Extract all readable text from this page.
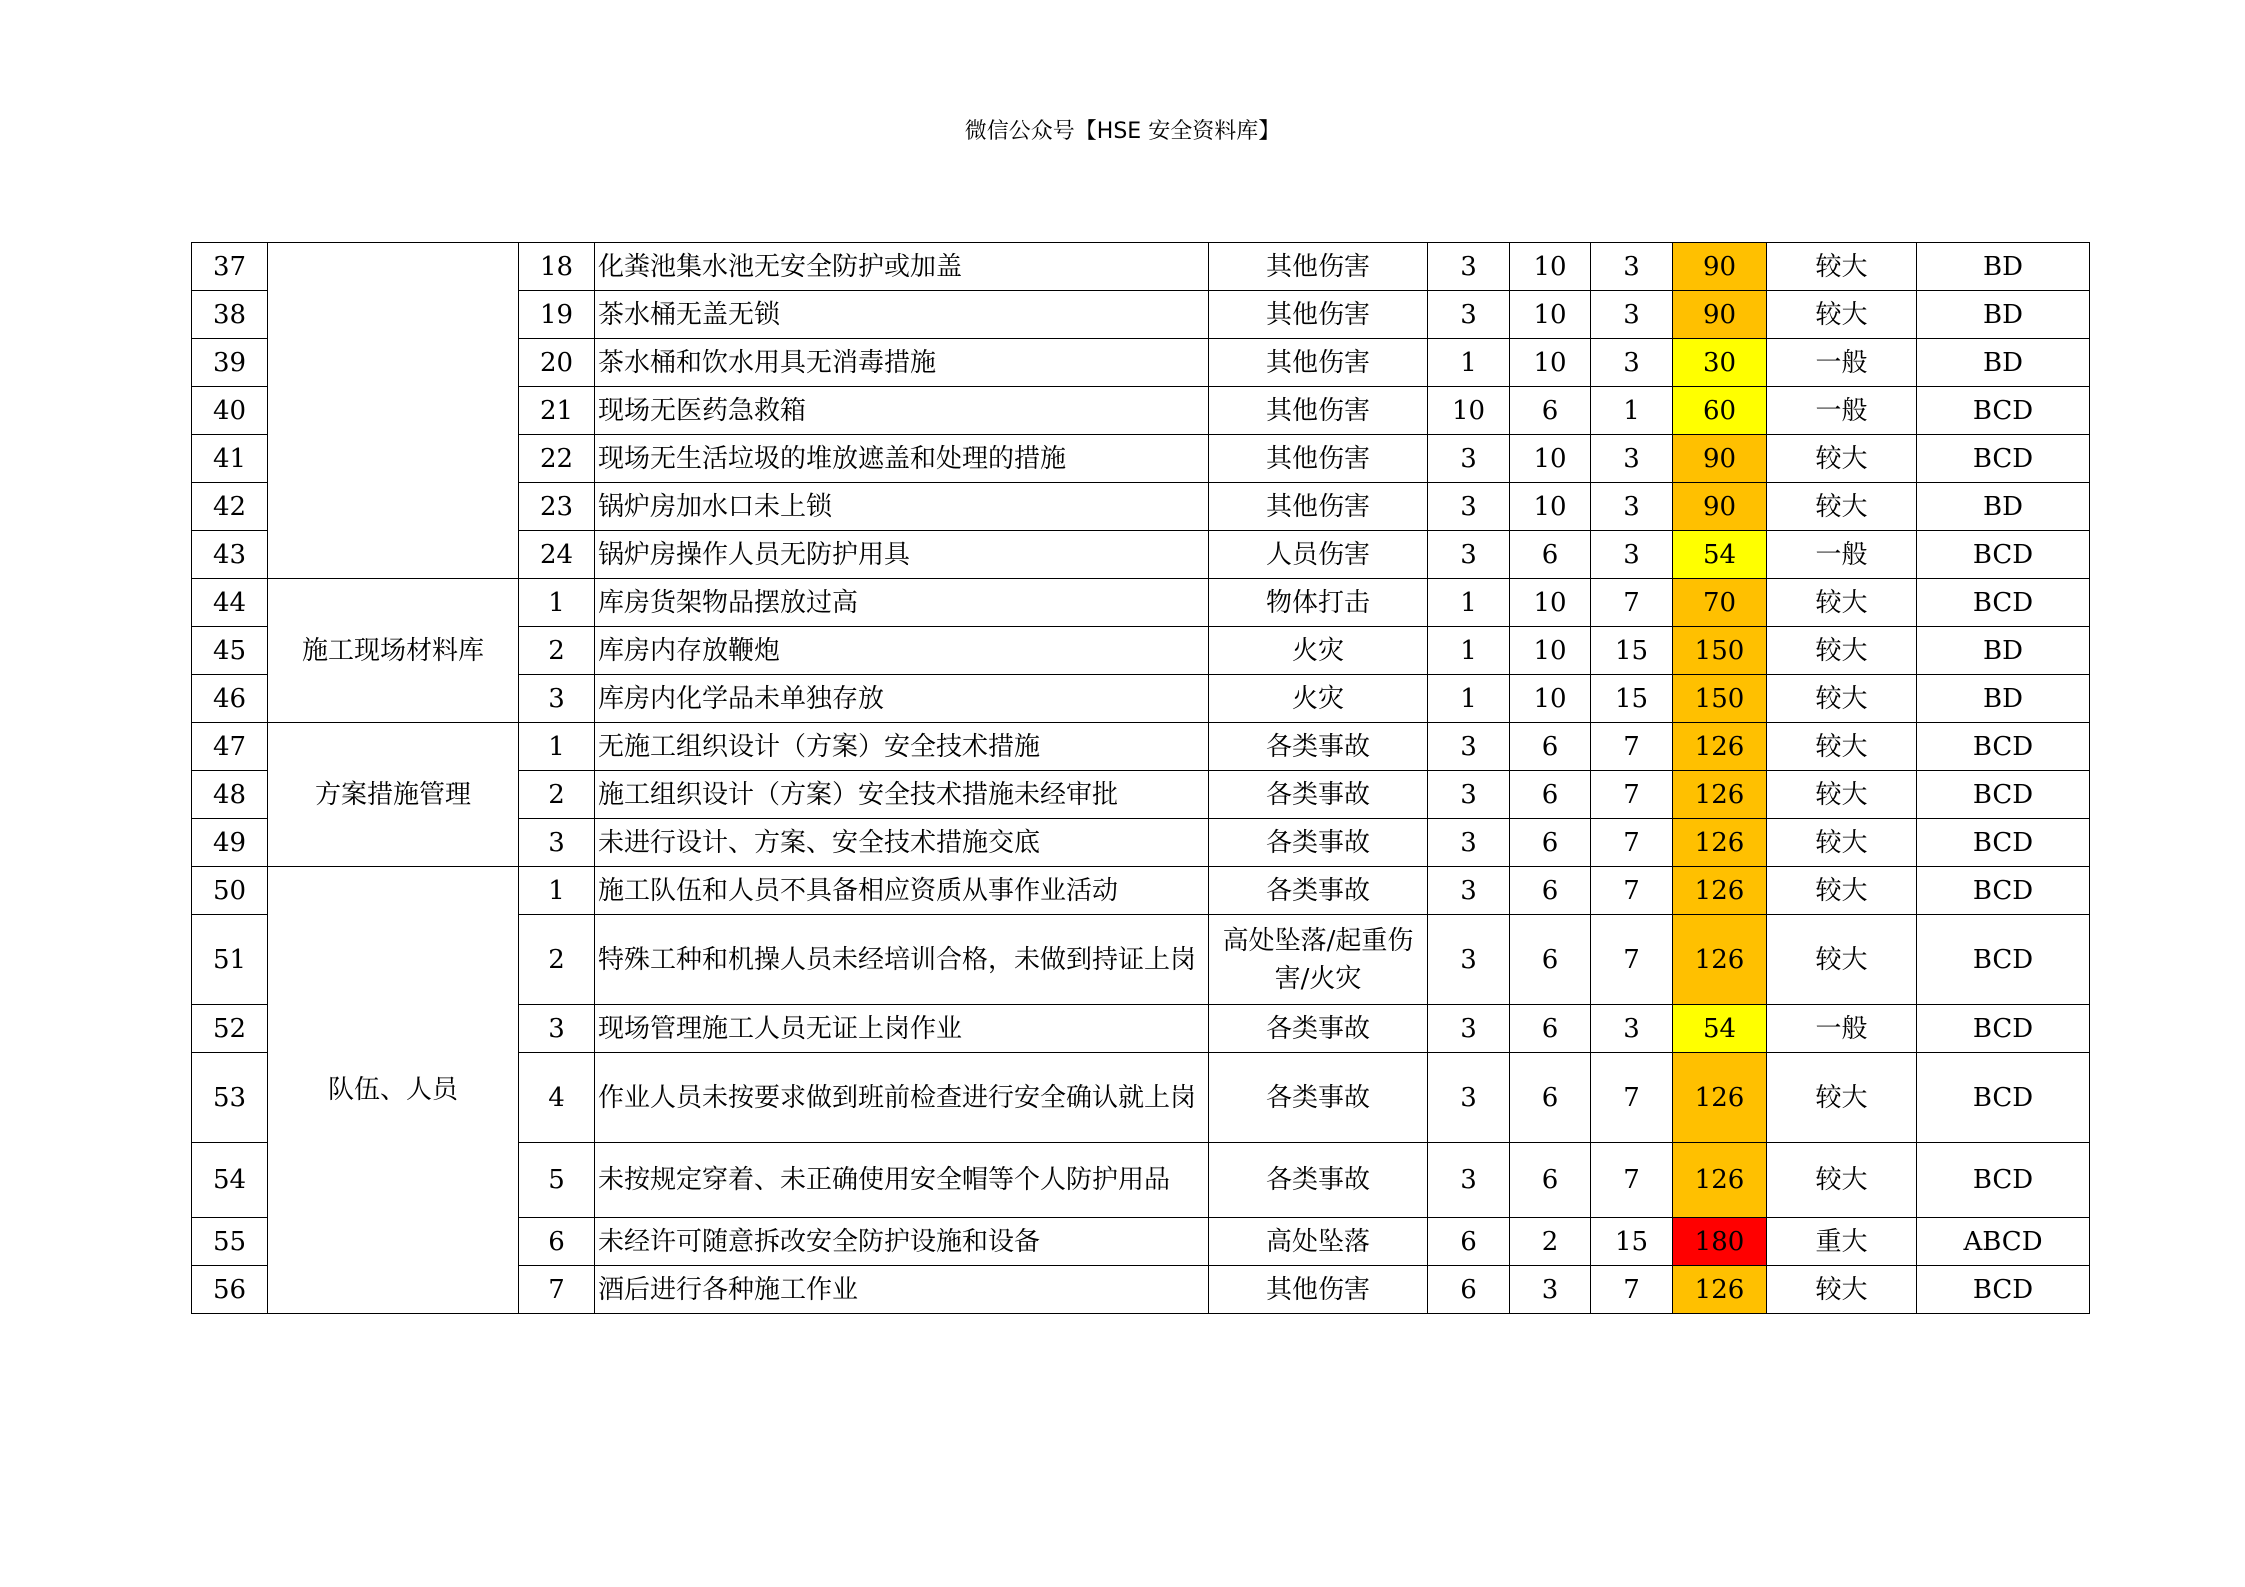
微信公众号【HSE 安全资料库】
37		18	化粪池集水池无安全防护或加盖	其他伤害	3	10	3	90	较大	BD
38		19	茶水桶无盖无锁	其他伤害	3	10	3	90	较大	BD
39		20	茶水桶和饮水用具无消毒措施	其他伤害	1	10	3	30	一般	BD
40		21	现场无医药急救箱	其他伤害	10	6	1	60	一般	BCD
41		22	现场无生活垃圾的堆放遮盖和处理的措施	其他伤害	3	10	3	90	较大	BCD
42		23	锅炉房加水口未上锁	其他伤害	3	10	3	90	较大	BD
43		24	锅炉房操作人员无防护用具	人员伤害	3	6	3	54	一般	BCD
44	施工现场材料库	1	库房货架物品摆放过高	物体打击	1	10	7	70	较大	BCD
45		2	库房内存放鞭炮	火灾	1	10	15	150	较大	BD
46		3	库房内化学品未单独存放	火灾	1	10	15	150	较大	BD
47	方案措施管理	1	无施工组织设计（方案）安全技术措施	各类事故	3	6	7	126	较大	BCD
48		2	施工组织设计（方案）安全技术措施未经审批	各类事故	3	6	7	126	较大	BCD
49		3	未进行设计、方案、安全技术措施交底	各类事故	3	6	7	126	较大	BCD
50	队伍、人员	1	施工队伍和人员不具备相应资质从事作业活动	各类事故	3	6	7	126	较大	BCD
51		2	特殊工种和机操人员未经培训合格，未做到持证上岗	高处坠落/起重伤害/火灾	3	6	7	126	较大	BCD
52		3	现场管理施工人员无证上岗作业	各类事故	3	6	3	54	一般	BCD
53		4	作业人员未按要求做到班前检查进行安全确认就上岗	各类事故	3	6	7	126	较大	BCD
54		5	未按规定穿着、未正确使用安全帽等个人防护用品	各类事故	3	6	7	126	较大	BCD
55		6	未经许可随意拆改安全防护设施和设备	高处坠落	6	2	15	180	重大	ABCD
56		7	酒后进行各种施工作业	其他伤害	6	3	7	126	较大	BCD
